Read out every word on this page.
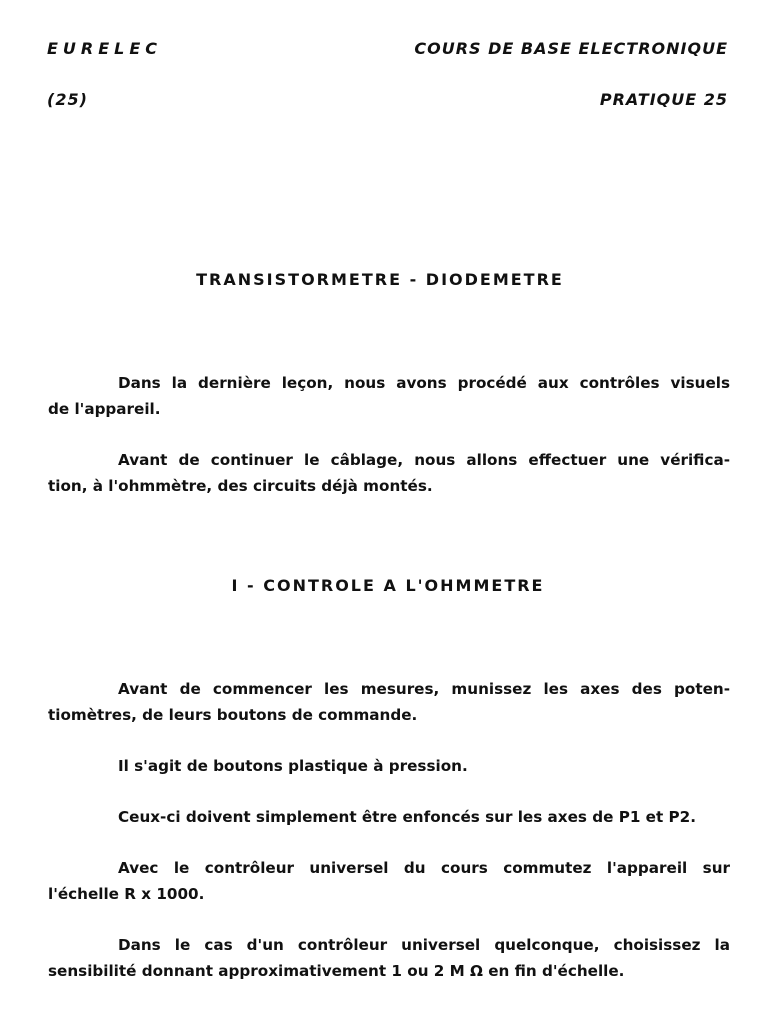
EURELEC	COURS DE BASE ELECTRONIQUE
(25)	PRATIQUE 25
TRANSISTORMETRE - DIODEMETRE
Dans la dernière leçon, nous avons procédé aux contrôles visuels
de l'appareil.
Avant de continuer le câblage, nous allons effectuer une vérifica-
tion, à l'ohmmètre, des circuits déjà montés.
I - CONTROLE A L'OHMMETRE
Avant de commencer les mesures, munissez les axes des poten-
tiomètres, de leurs boutons de commande.
Il s'agit de boutons plastique à pression.
Ceux-ci doivent simplement être enfoncés sur les axes de P1 et P2.
Avec le contrôleur universel du cours commutez l'appareil sur
l'échelle R x 1000.
Dans le cas d'un contrôleur universel quelconque, choisissez la
sensibilité donnant approximativement 1 ou 2 M Ω en fin d'échelle.
